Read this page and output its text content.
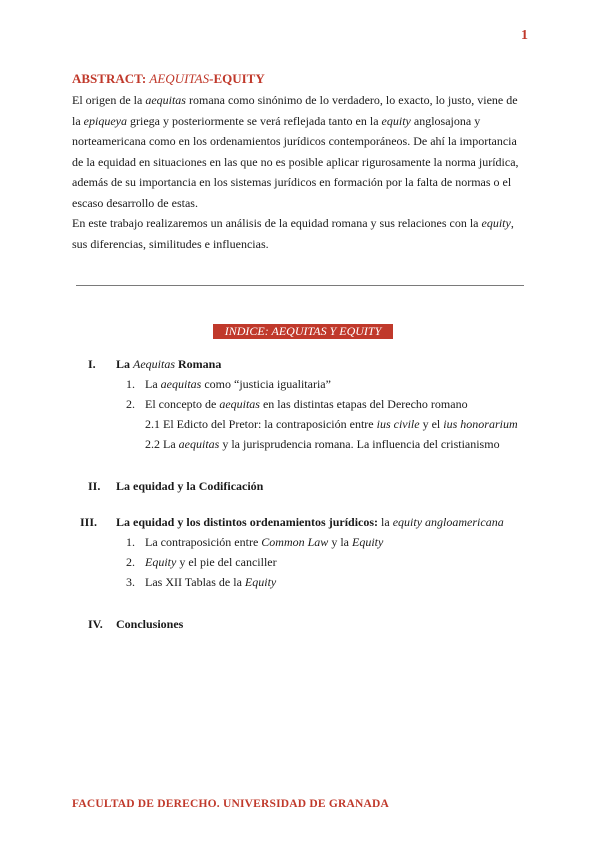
1
ABSTRACT: AEQUITAS-EQUITY

El origen de la aequitas romana como sinónimo de lo verdadero, lo exacto, lo justo, viene de la epiqueya griega y posteriormente se verá reflejada tanto en la equity anglosajona y norteamericana como en los ordenamientos jurídicos contemporáneos. De ahí la importancia de la equidad en situaciones en las que no es posible aplicar rigurosamente la norma jurídica, además de su importancia en los sistemas jurídicos en formación por la falta de normas o el escaso desarrollo de estas.

En este trabajo realizaremos un análisis de la equidad romana y sus relaciones con la equity, sus diferencias, similitudes e influencias.

INDICE: AEQUITAS Y EQUITY
I. La Aequitas Romana
1. La aequitas como “justicia igualitaria”
2. El concepto de aequitas en las distintas etapas del Derecho romano
2.1 El Edicto del Pretor: la contraposición entre ius civile y el ius honorarium
2.2 La aequitas y la jurisprudencia romana. La influencia del cristianismo
II. La equidad y la Codificación
III. La equidad y los distintos ordenamientos jurídicos: la equity angloamericana
1. La contraposición entre Common Law y la Equity
2. Equity y el pie del canciller
3. Las XII Tablas de la Equity
IV. Conclusiones
FACULTAD DE DERECHO. UNIVERSIDAD DE GRANADA
